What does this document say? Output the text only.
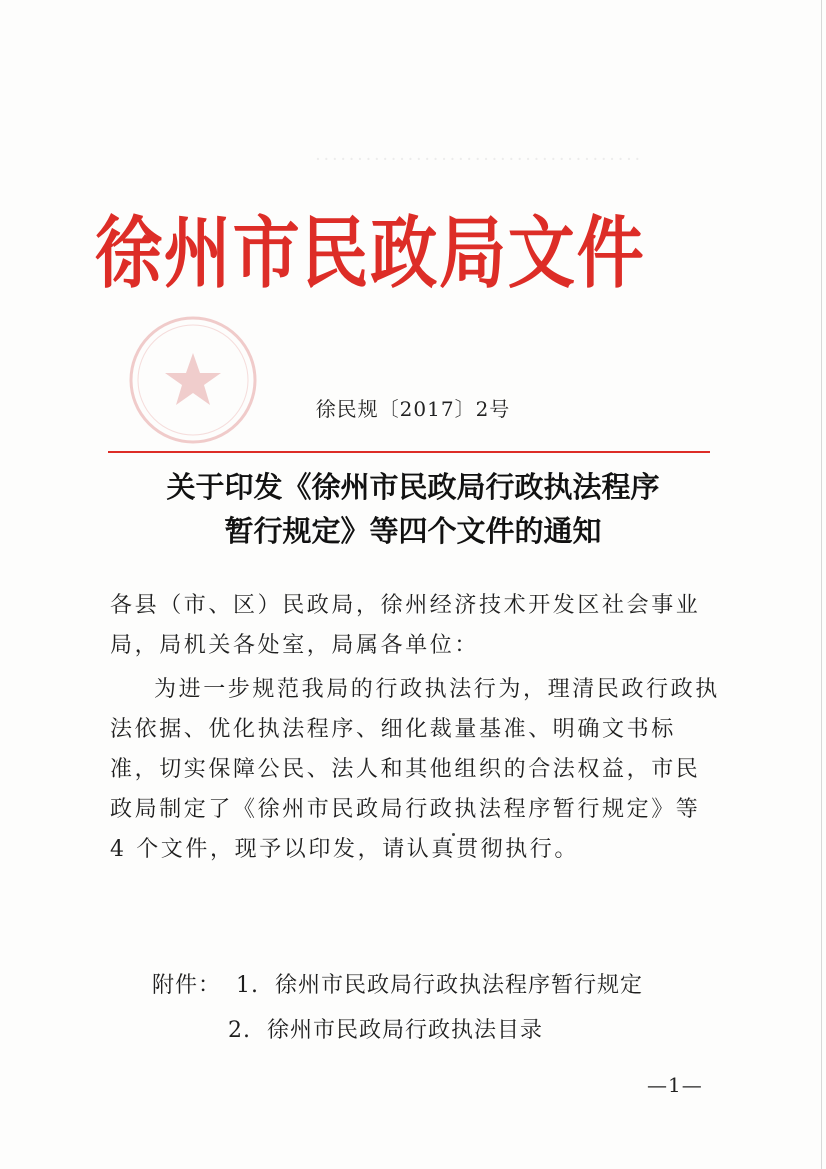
·······································
徐州市民政局文件
徐民规〔2017〕2号
关于印发《徐州市民政局行政执法程序
暂行规定》等四个文件的通知
各县（市、区）民政局，徐州经济技术开发区社会事业局，局机关各处室，局属各单位：
为进一步规范我局的行政执法行为，理清民政行政执法依据、优化执法程序、细化裁量基准、明确文书标准，切实保障公民、法人和其他组织的合法权益，市民政局制定了《徐州市民政局行政执法程序暂行规定》等 4 个文件，现予以印发，请认真贯彻执行。
附件： 1. 徐州市民政局行政执法程序暂行规定
2. 徐州市民政局行政执法目录
—1—
